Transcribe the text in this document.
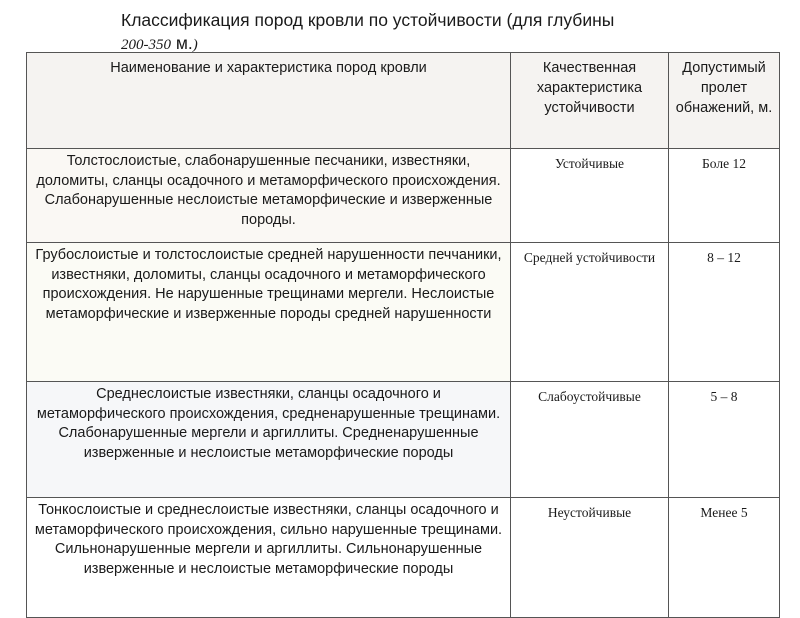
Классификация пород кровли по устойчивости (для глубины
200-350 м.)
Наименование и характеристика пород кровли	Качественная характеристика устойчивости	Допустимый пролет обнажений, м.
Толстослоистые, слабонарушенные песчаники, известняки, доломиты, сланцы осадочного и метаморфического происхождения. Слабонарушенные неслоистые метаморфические и изверженные породы.	Устойчивые	Боле 12
Грубослоистые и толстослоистые средней нарушенности печчаники, известняки, доломиты, сланцы осадочного и метаморфического происхождения. Не нарушенные трещинами мергели. Неслоистые метаморфические и изверженные породы средней нарушенности	Средней устойчивости	8 – 12
Среднеслоистые известняки, сланцы осадочного и метаморфического происхождения, средненарушенные трещинами. Слабонарушенные мергели и аргиллиты. Средненарушенные изверженные и неслоистые метаморфические породы	Слабоустойчивые	5 – 8
Тонкослоистые и среднеслоистые известняки, сланцы осадочного и метаморфического происхождения, сильно нарушенные трещинами. Сильнонарушенные мергели и аргиллиты. Сильнонарушенные изверженные и неслоистые метаморфические породы	Неустойчивые	Менее 5
